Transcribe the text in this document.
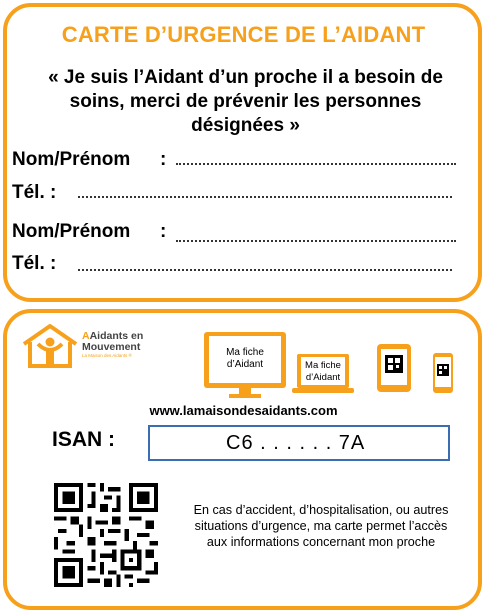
CARTE D’URGENCE DE L’AIDANT
« Je suis l’Aidant d’un proche il a besoin de soins, merci de prévenir les personnes désignées »
Nom/Prénom :
Tél. :
Nom/Prénom :
Tél. :
AAidants en
Mouvement
La Maison des Aidants ®	Ma fiche d’Aidant	Ma fiche d’Aidant
www.lamaisondesaidants.com
ISAN :	C6 . . . . . . 7A
En cas d’accident, d’hospitalisation, ou autres situations d’urgence, ma carte permet l’accès aux informations concernant mon proche
